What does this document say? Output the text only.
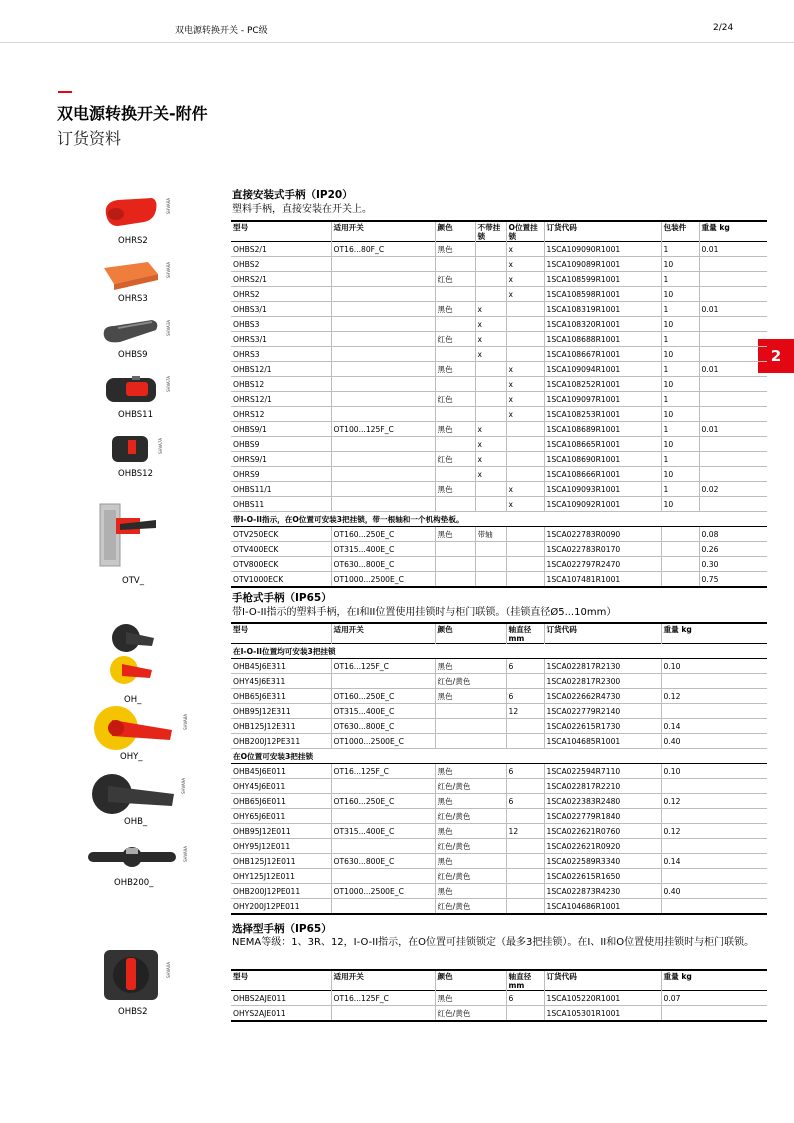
双电源转换开关 - PC级	2/24
双电源转换开关-附件
订货资料
2
SHVARA
OHRS2
SHVARA
OHRS3
SHVA3A
OHBS9
SHVA7A
OHBS11
SHVA7A
OHBS12
OTV_
OH_
SHVA8A
OHY_
SHVA9A
OHB_
SHVA9A
OHB200_
SHVA0A
OHBS2
直接安装式手柄（IP20）
塑料手柄，直接安装在开关上。
型号	适用开关	颜色	不带挂锁	O位置挂锁	订货代码	包装件	重量 kg
OHBS2/1	OT16...80F_C	黑色		x	1SCA109090R1001	1	0.01
OHBS2				x	1SCA109089R1001	10	
OHRS2/1		红色		x	1SCA108599R1001	1	
OHRS2				x	1SCA108598R1001	10	
OHBS3/1		黑色	x		1SCA108319R1001	1	0.01
OHBS3			x		1SCA108320R1001	10	
OHRS3/1		红色	x		1SCA108688R1001	1	
OHRS3			x		1SCA108667R1001	10	
OHBS12/1		黑色		x	1SCA109094R1001	1	0.01
OHBS12				x	1SCA108252R1001	10	
OHRS12/1		红色		x	1SCA109097R1001	1	
OHRS12				x	1SCA108253R1001	10	
OHBS9/1	OT100...125F_C	黑色	x		1SCA108689R1001	1	0.01
OHBS9			x		1SCA108665R1001	10	
OHRS9/1		红色	x		1SCA108690R1001	1	
OHRS9			x		1SCA108666R1001	10	
OHBS11/1		黑色		x	1SCA109093R1001	1	0.02
OHBS11				x	1SCA109092R1001	10	
带I-O-II指示，在O位置可安装3把挂锁，带一根轴和一个机构垫板。							
OTV250ECK	OT160...250E_C	黑色	带轴		1SCA022783R0090		0.08
OTV400ECK	OT315...400E_C				1SCA022783R0170		0.26
OTV800ECK	OT630...800E_C				1SCA022797R2470		0.30
OTV1000ECK	OT1000...2500E_C				1SCA107481R1001		0.75
手枪式手柄（IP65）
带I-O-II指示的塑料手柄，在I和II位置使用挂锁时与柜门联锁。（挂锁直径Ø5...10mm）
型号	适用开关	颜色	轴直径 mm	订货代码	重量 kg
在I-O-II位置均可安装3把挂锁					
OHB45J6E311	OT16...125F_C	黑色	6	1SCA022817R2130	0.10
OHY45J6E311		红色/黄色		1SCA022817R2300	
OHB65J6E311	OT160...250E_C	黑色	6	1SCA022662R4730	0.12
OHB95J12E311	OT315...400E_C		12	1SCA022779R2140	
OHB125J12E311	OT630...800E_C			1SCA022615R1730	0.14
OHB200J12PE311	OT1000...2500E_C			1SCA104685R1001	0.40
在O位置可安装3把挂锁					
OHB45J6E011	OT16...125F_C	黑色	6	1SCA022594R7110	0.10
OHY45J6E011		红色/黄色		1SCA022817R2210	
OHB65J6E011	OT160...250E_C	黑色	6	1SCA022383R2480	0.12
OHY65J6E011		红色/黄色		1SCA022779R1840	
OHB95J12E011	OT315...400E_C	黑色	12	1SCA022621R0760	0.12
OHY95J12E011		红色/黄色		1SCA022621R0920	
OHB125J12E011	OT630...800E_C	黑色		1SCA022589R3340	0.14
OHY125J12E011		红色/黄色		1SCA022615R1650	
OHB200J12PE011	OT1000...2500E_C	黑色		1SCA022873R4230	0.40
OHY200J12PE011		红色/黄色		1SCA104686R1001	
选择型手柄（IP65）
NEMA等级：1、3R、12，I-O-II指示，在O位置可挂锁锁定（最多3把挂锁）。在I、II和O位置使用挂锁时与柜门联锁。
型号	适用开关	颜色	轴直径 mm	订货代码	重量 kg
OHBS2AJE011	OT16...125F_C	黑色	6	1SCA105220R1001	0.07
OHYS2AJE011		红色/黄色		1SCA105301R1001	
